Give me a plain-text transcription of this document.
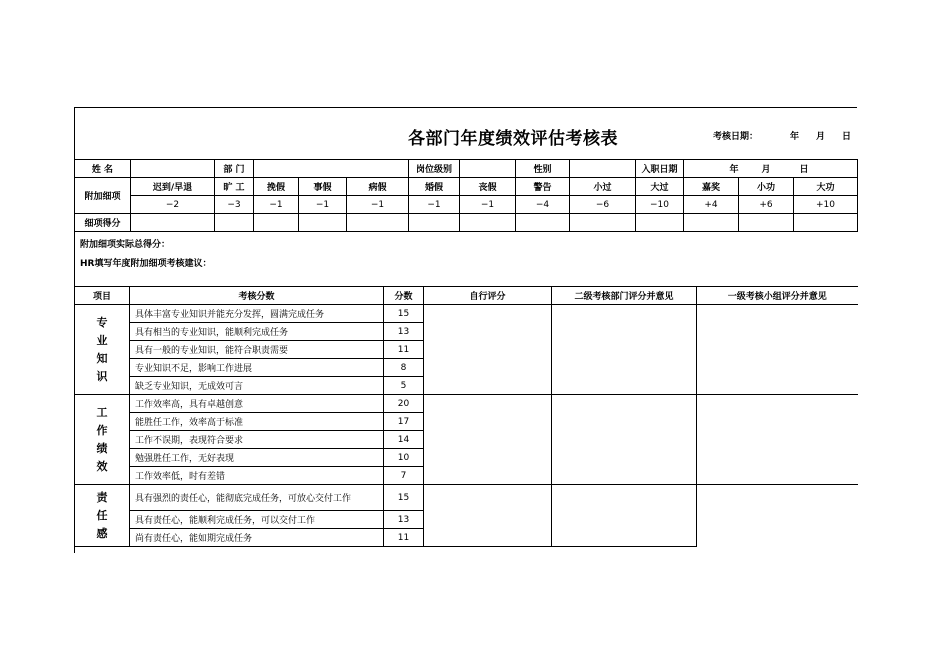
各部门年度绩效评估考核表	考核日期：	年 月 日
姓 名		部 门				岗位级别		性别		入职日期	年	月	日
附加细项	迟到/早退	旷 工	挽假	事假	病假	婚假	丧假	警告	小过	大过	嘉奖	小功	大功
	−2	−3	−1	−1	−1	−1	−1	−4	−6	−10	+4	+6	+10
细项得分													
附加细项实际总得分：
HR填写年度附加细项考核建议：
项目	考核分数	分数	自行评分	二级考核部门评分并意见	一级考核小组评分并意见
专
业
知
识	具体丰富专业知识并能充分发挥，圆满完成任务	15			
	具有相当的专业知识，能顺利完成任务	13			
	具有一般的专业知识，能符合职责需要	11			
	专业知识不足，影响工作进展	8			
	缺乏专业知识，无成效可言	5			
工
作
绩
效	工作效率高，具有卓越创意	20			
	能胜任工作，效率高于标准	17			
	工作不误期，表现符合要求	14			
	勉强胜任工作，无好表现	10			
	工作效率低，时有差错	7			
责
任
感	具有强烈的责任心，能彻底完成任务，可放心交付工作	15			
	具有责任心，能顺利完成任务，可以交付工作	13			
	尚有责任心，能如期完成任务	11			
